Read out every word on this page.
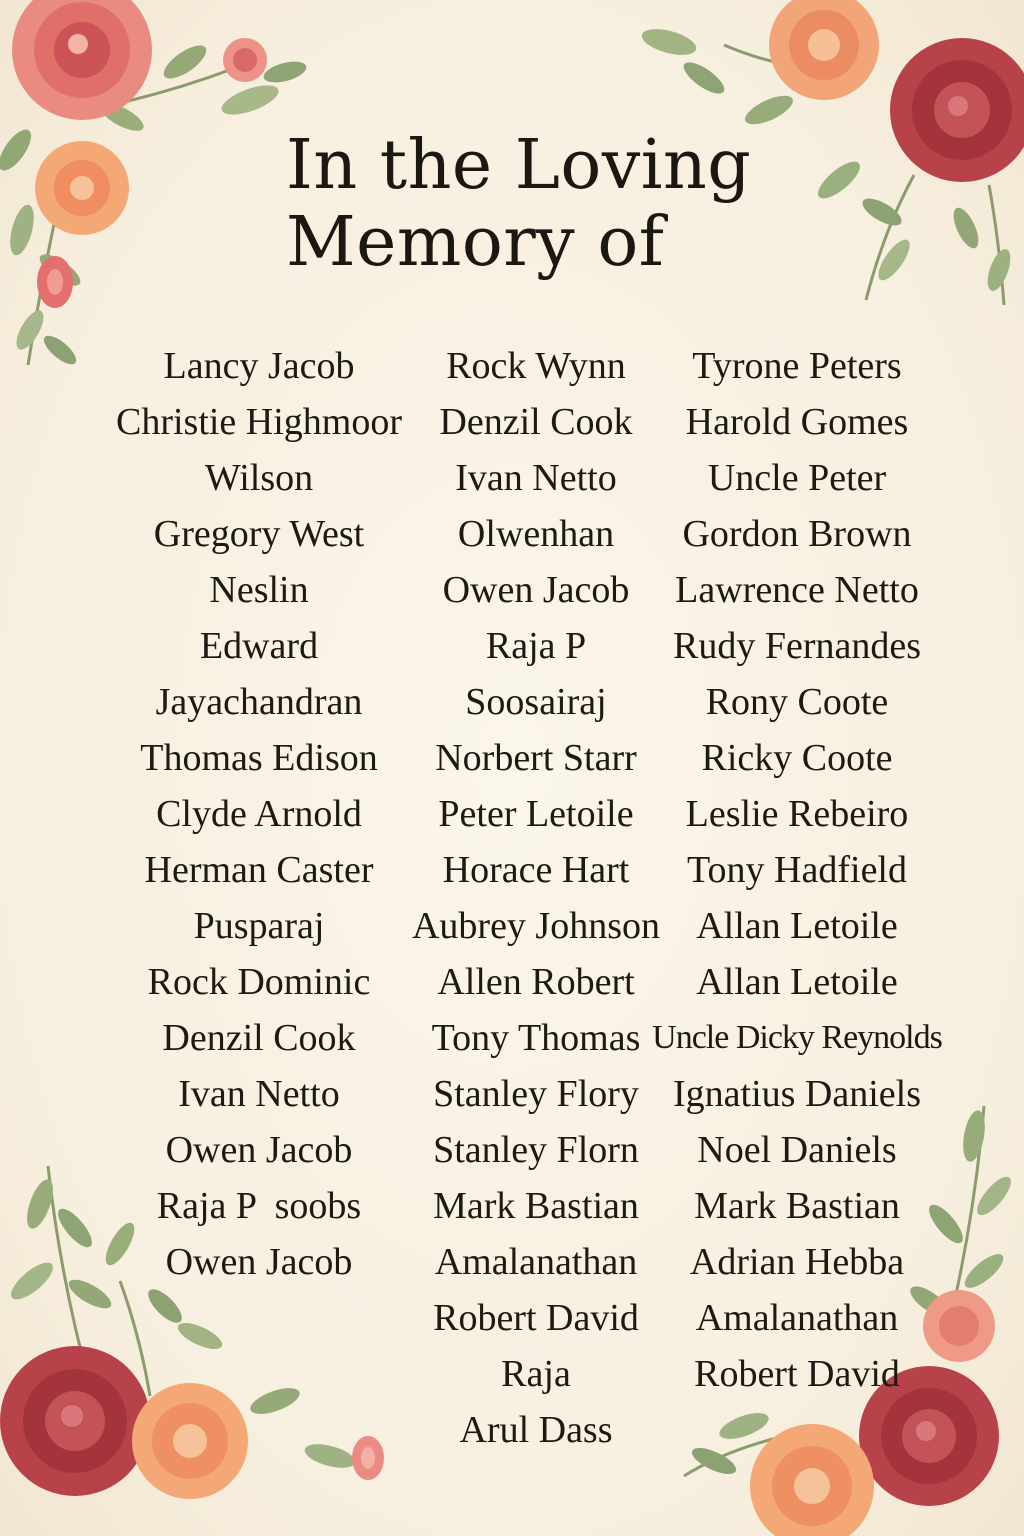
In the Loving
Memory of
Lancy Jacob
Christie Highmoor
Wilson
Gregory West
Neslin
Edward
Jayachandran
Thomas Edison
Clyde Arnold
Herman Caster
Pusparaj
Rock Dominic
Denzil Cook
Ivan Netto
Owen Jacob
Raja P  soobs
Owen Jacob
Rock Wynn
Denzil Cook
Ivan Netto
Olwenhan
Owen Jacob
Raja P
Soosairaj
Norbert Starr
Peter Letoile
Horace Hart
Aubrey Johnson
Allen Robert
Tony Thomas
Stanley Flory
Stanley Florn
Mark Bastian
Amalanathan
Robert David
Raja
Arul Dass
Tyrone Peters
Harold Gomes
Uncle Peter
Gordon Brown
Lawrence Netto
Rudy Fernandes
Rony Coote
Ricky Coote
Leslie Rebeiro
Tony Hadfield
Allan Letoile
Allan Letoile
Uncle Dicky Reynolds
Ignatius Daniels
Noel Daniels
Mark Bastian
Adrian Hebba
Amalanathan
Robert David
